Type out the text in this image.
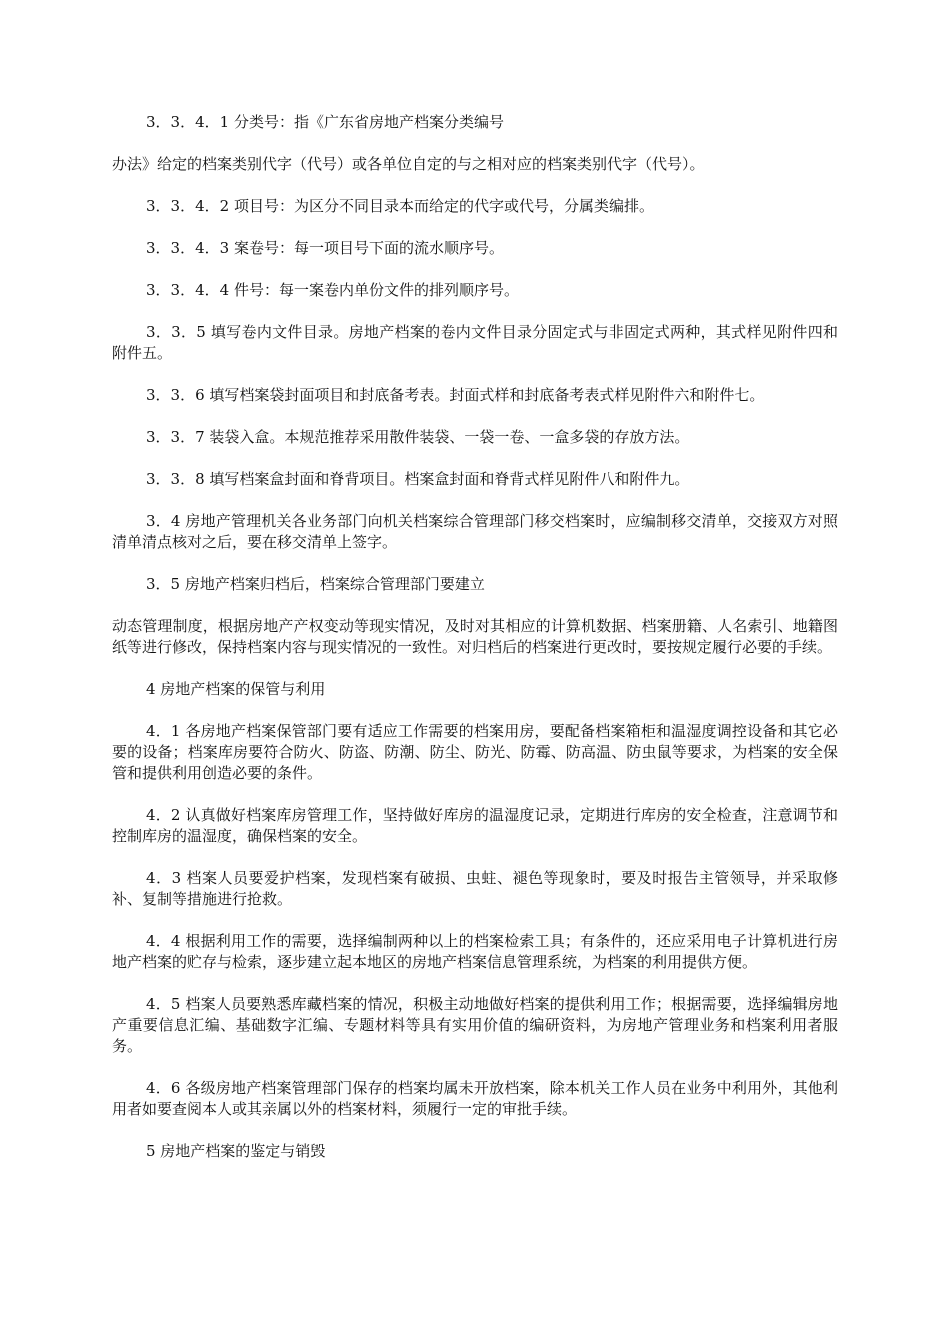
3．3．4．1 分类号：指《广东省房地产档案分类编号

办法》给定的档案类别代字（代号）或各单位自定的与之相对应的档案类别代字（代号）。

3．3．4．2 项目号：为区分不同目录本而给定的代字或代号，分属类编排。

3．3．4．3 案卷号：每一项目号下面的流水顺序号。

3．3．4．4 件号：每一案卷内单份文件的排列顺序号。

3．3．5 填写卷内文件目录。房地产档案的卷内文件目录分固定式与非固定式两种，其式样见附件四和附件五。

3．3．6 填写档案袋封面项目和封底备考表。封面式样和封底备考表式样见附件六和附件七。

3．3．7 装袋入盒。本规范推荐采用散件装袋、一袋一卷、一盒多袋的存放方法。

3．3．8 填写档案盒封面和脊背项目。档案盒封面和脊背式样见附件八和附件九。

3．4 房地产管理机关各业务部门向机关档案综合管理部门移交档案时，应编制移交清单，交接双方对照清单清点核对之后，要在移交清单上签字。

3．5 房地产档案归档后，档案综合管理部门要建立

动态管理制度，根据房地产产权变动等现实情况，及时对其相应的计算机数据、档案册籍、人名索引、地籍图纸等进行修改，保持档案内容与现实情况的一致性。对归档后的档案进行更改时，要按规定履行必要的手续。

4 房地产档案的保管与利用

4．1 各房地产档案保管部门要有适应工作需要的档案用房，要配备档案箱柜和温湿度调控设备和其它必要的设备；档案库房要符合防火、防盗、防潮、防尘、防光、防霉、防高温、防虫鼠等要求，为档案的安全保管和提供利用创造必要的条件。

4．2 认真做好档案库房管理工作，坚持做好库房的温湿度记录，定期进行库房的安全检查，注意调节和控制库房的温湿度，确保档案的安全。

4．3 档案人员要爱护档案，发现档案有破损、虫蛀、褪色等现象时，要及时报告主管领导，并采取修补、复制等措施进行抢救。

4．4 根据利用工作的需要，选择编制两种以上的档案检索工具；有条件的，还应采用电子计算机进行房地产档案的贮存与检索，逐步建立起本地区的房地产档案信息管理系统，为档案的利用提供方便。

4．5 档案人员要熟悉库藏档案的情况，积极主动地做好档案的提供利用工作；根据需要，选择编辑房地产重要信息汇编、基础数字汇编、专题材料等具有实用价值的编研资料，为房地产管理业务和档案利用者服务。

4．6 各级房地产档案管理部门保存的档案均属未开放档案，除本机关工作人员在业务中利用外，其他利用者如要查阅本人或其亲属以外的档案材料，须履行一定的审批手续。

5 房地产档案的鉴定与销毁
